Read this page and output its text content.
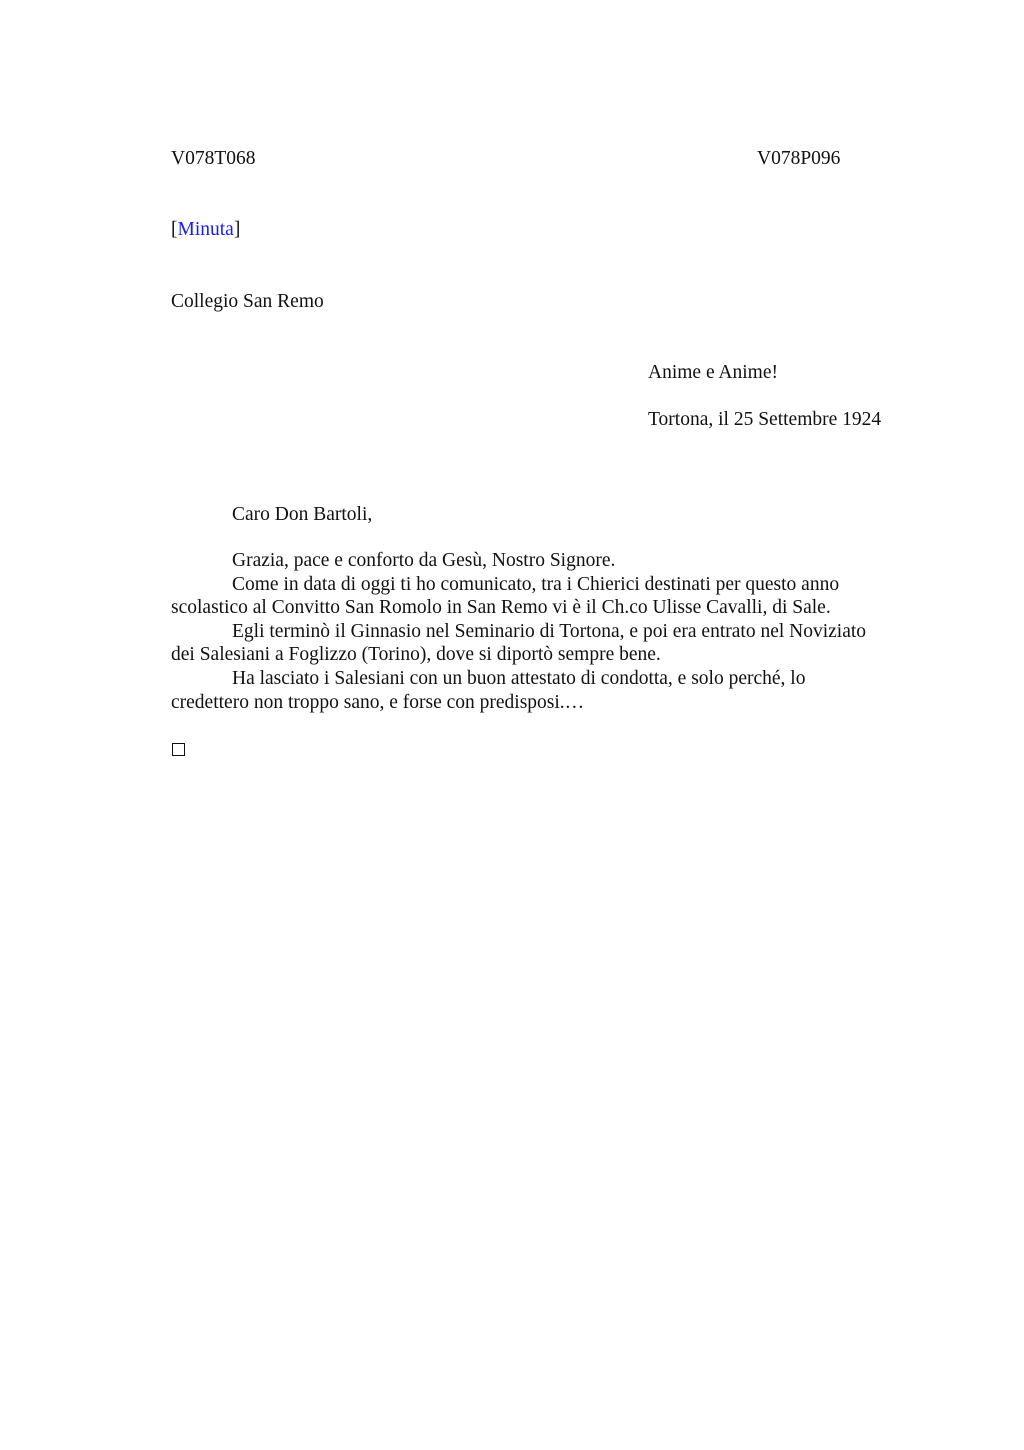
V078T068	V078P096
[Minuta]
Collegio San Remo
Anime e Anime!
Tortona, il 25 Settembre 1924
Caro Don Bartoli,
Grazia, pace e conforto da Gesù, Nostro Signore.
Come in data di oggi ti ho comunicato, tra i Chierici destinati per questo anno
scolastico al Convitto San Romolo in San Remo vi è il Ch.co Ulisse Cavalli, di Sale.
Egli terminò il Ginnasio nel Seminario di Tortona, e poi era entrato nel Noviziato
dei Salesiani a Foglizzo (Torino), dove si diportò sempre bene.
Ha lasciato i Salesiani con un buon attestato di condotta, e solo perché, lo
credettero non troppo sano, e forse con predisposi.…
